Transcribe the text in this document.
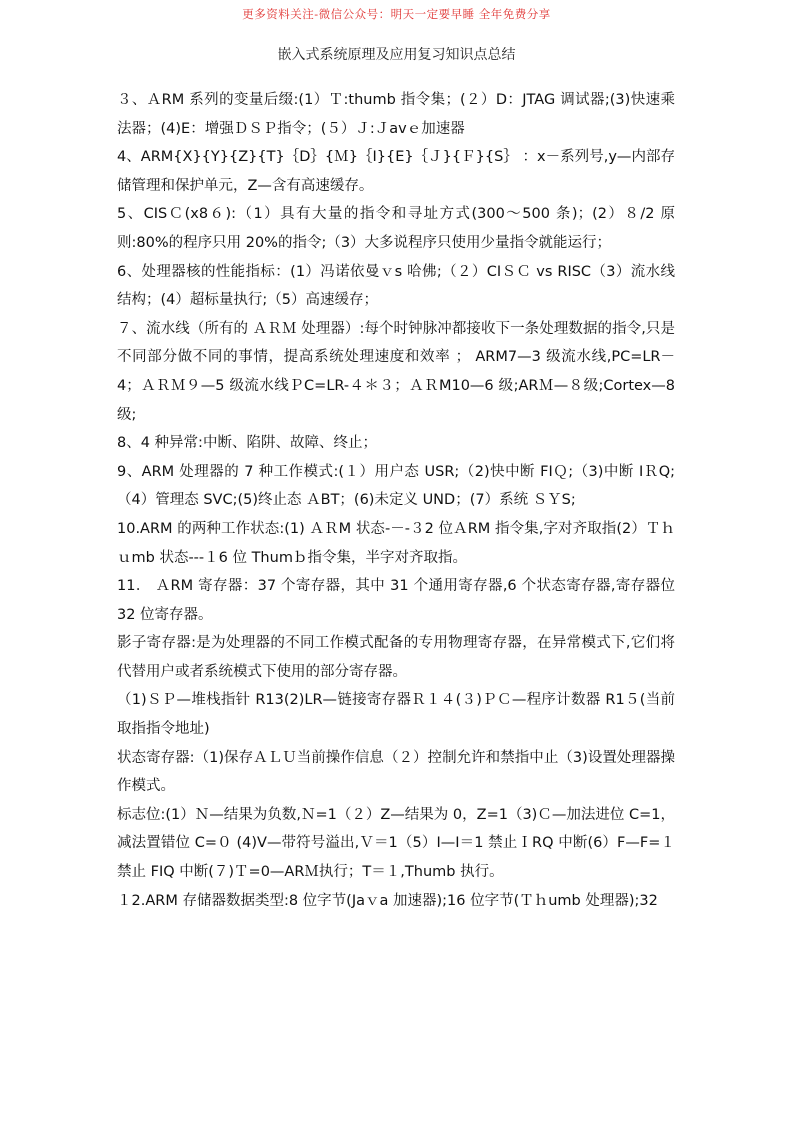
更多资料关注-微信公众号：明天一定要早睡 全年免费分享
嵌入式系统原理及应用复习知识点总结

３、ＡRM 系列的变量后缀:(1）Ｔ:thumb 指令集；(２）D：JTAG 调试器;(3)快速乘法器；(4)E：增强ＤＳＰ指令；(５）Ｊ:Ｊavｅ加速器

4、ARM{X}{Y}{Z}{T}｛D｝{Ｍ}｛I}{E}｛Ｊ}{Ｆ}{S｝ ：x－系列号,y—内部存储管理和保护单元，Z—含有高速缓存。

5、CISＣ(x8６):（1）具有大量的指令和寻址方式(300～500 条)；(2）８/2 原则:80%的程序只用 20%的指令;（3）大多说程序只使用少量指令就能运行；

6、处理器核的性能指标：(1）冯诺依曼ｖs 哈佛;（２）CIＳＣ vs RISC（3）流水线结构；(4）超标量执行;（5）高速缓存；

７、流水线（所有的 ＡＲＭ 处理器）:每个时钟脉冲都接收下一条处理数据的指令,只是不同部分做不同的事情，提高系统处理速度和效率 ； ARM7—3 级流水线,PC=LR－4；ＡＲＭ９—5 级流水线ＰC=LR-４＊３；ＡＲM10—6 级;ARＭ—８级;Cortex—8 级;

8、4 种异常:中断、陷阱、故障、终止；

9、ARM 处理器的 7 种工作模式:(１）用户态 USR;（2)快中断 FIＱ;（3)中断 IＲQ;（4）管理态 SVC;(5)终止态 ＡBT；(6)未定义 UND；(7）系统 ＳＹS;

10.ARM 的两种工作状态:(1) ＡＲM 状态-－-３2 位ＡRM 指令集,字对齐取指(2）Ｔｈｕmb 状态---１6 位 Thumｂ指令集，半字对齐取指。

11． ＡRM 寄存器：37 个寄存器，其中 31 个通用寄存器,6 个状态寄存器,寄存器位 32 位寄存器。

影子寄存器:是为处理器的不同工作模式配备的专用物理寄存器，在异常模式下,它们将代替用户或者系统模式下使用的部分寄存器。

（1)ＳＰ—堆栈指针 R13(2)LR—链接寄存器Ｒ１４(３)ＰＣ—程序计数器 R1５(当前取指指令地址)

状态寄存器:（1)保存ＡＬＵ当前操作信息（２）控制允许和禁指中止（3)设置处理器操作模式。

标志位:(1）Ｎ—结果为负数,Ｎ=1（２）Z—结果为 0，Z=1（3)Ｃ—加法进位 C=1，减法置错位 C=０ (4)V—带符号溢出,Ｖ＝1（5）I—I＝1 禁止ＩRQ 中断(6）F—F=１禁止 FIQ 中断(７)Ｔ=0—ARＭ执行；T＝１,Thumb 执行。

１2.ARM 存储器数据类型:8 位字节(Jaｖa 加速器);16 位字节(Ｔｈumb 处理器);32
